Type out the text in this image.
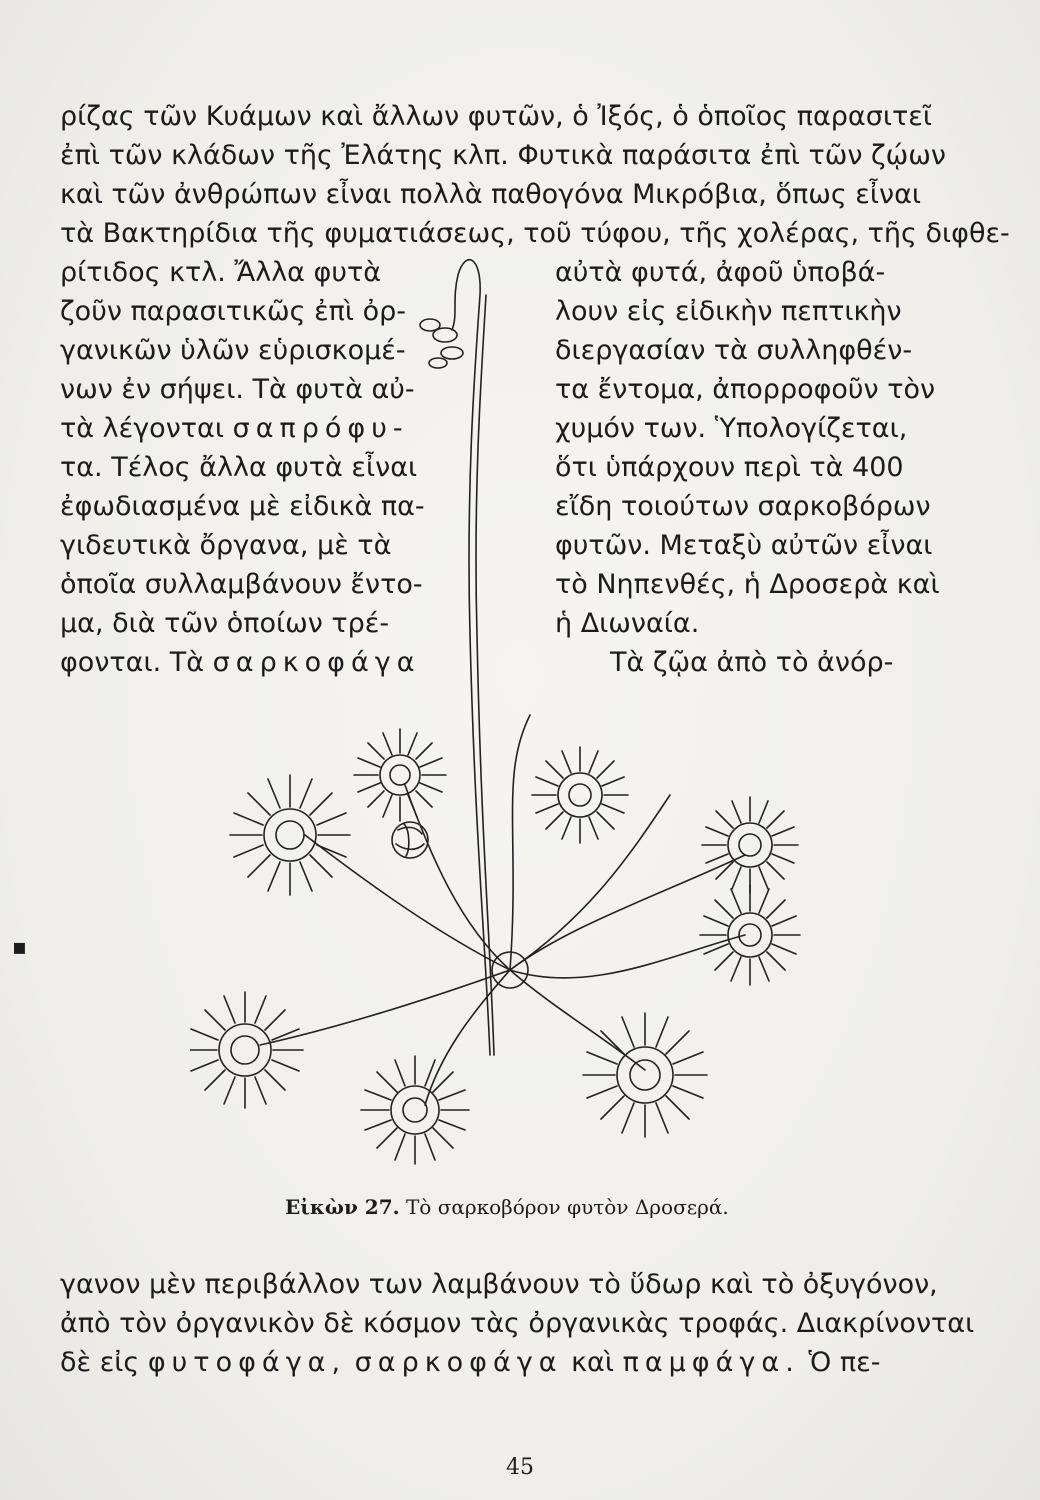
ρίζας τῶν Κυάμων καὶ ἄλλων φυτῶν, ὁ Ἰξός, ὁ ὁποῖος παρασιτεῖ
ἐπὶ τῶν κλάδων τῆς Ἐλάτης κλπ. Φυτικὰ παράσιτα ἐπὶ τῶν ζῴων
καὶ τῶν ἀνθρώπων εἶναι πολλὰ παθογόνα Μικρόβια, ὅπως εἶναι
τὰ Βακτηρίδια τῆς φυματιάσεως, τοῦ τύφου, τῆς χολέρας, τῆς διφθε-
ρίτιδος κτλ. Ἄλλα φυτὰ
ζοῦν παρασιτικῶς ἐπὶ ὀρ-
γανικῶν ὑλῶν εὑρισκομέ-
νων ἐν σήψει. Τὰ φυτὰ αὐ-
τὰ λέγονται σαπρόφυ-
τα. Τέλος ἄλλα φυτὰ εἶναι
ἐφωδιασμένα μὲ εἰδικὰ πα-
γιδευτικὰ ὄργανα, μὲ τὰ
ὁποῖα συλλαμβάνουν ἔντο-
μα, διὰ τῶν ὁποίων τρέ-
φονται. Τὰ σαρκοφάγα
αὐτὰ φυτά, ἀφοῦ ὑποβά-
λουν εἰς εἰδικὴν πεπτικὴν
διεργασίαν τὰ συλληφθέν-
τα ἔντομα, ἀπορροφοῦν τὸν
χυμόν των. Ὑπολογίζεται,
ὅτι ὑπάρχουν περὶ τὰ 400
εἴδη τοιούτων σαρκοβόρων
φυτῶν. Μεταξὺ αὐτῶν εἶναι
τὸ Νηπενθές, ἡ Δροσερὰ καὶ
ἡ Διωναία.
Τὰ ζῷα ἀπὸ τὸ ἀνόρ-
▪
Εἰκὼν 27. Τὸ σαρκοβόρον φυτὸν Δροσερά.
γανον μὲν περιβάλλον των λαμβάνουν τὸ ὕδωρ καὶ τὸ ὀξυγόνον,
ἀπὸ τὸν ὀργανικὸν δὲ κόσμον τὰς ὀργανικὰς τροφάς. Διακρίνονται
δὲ εἰς φυτοφάγα, σαρκοφάγα καὶ παμφάγα. Ὁ πε-
45
